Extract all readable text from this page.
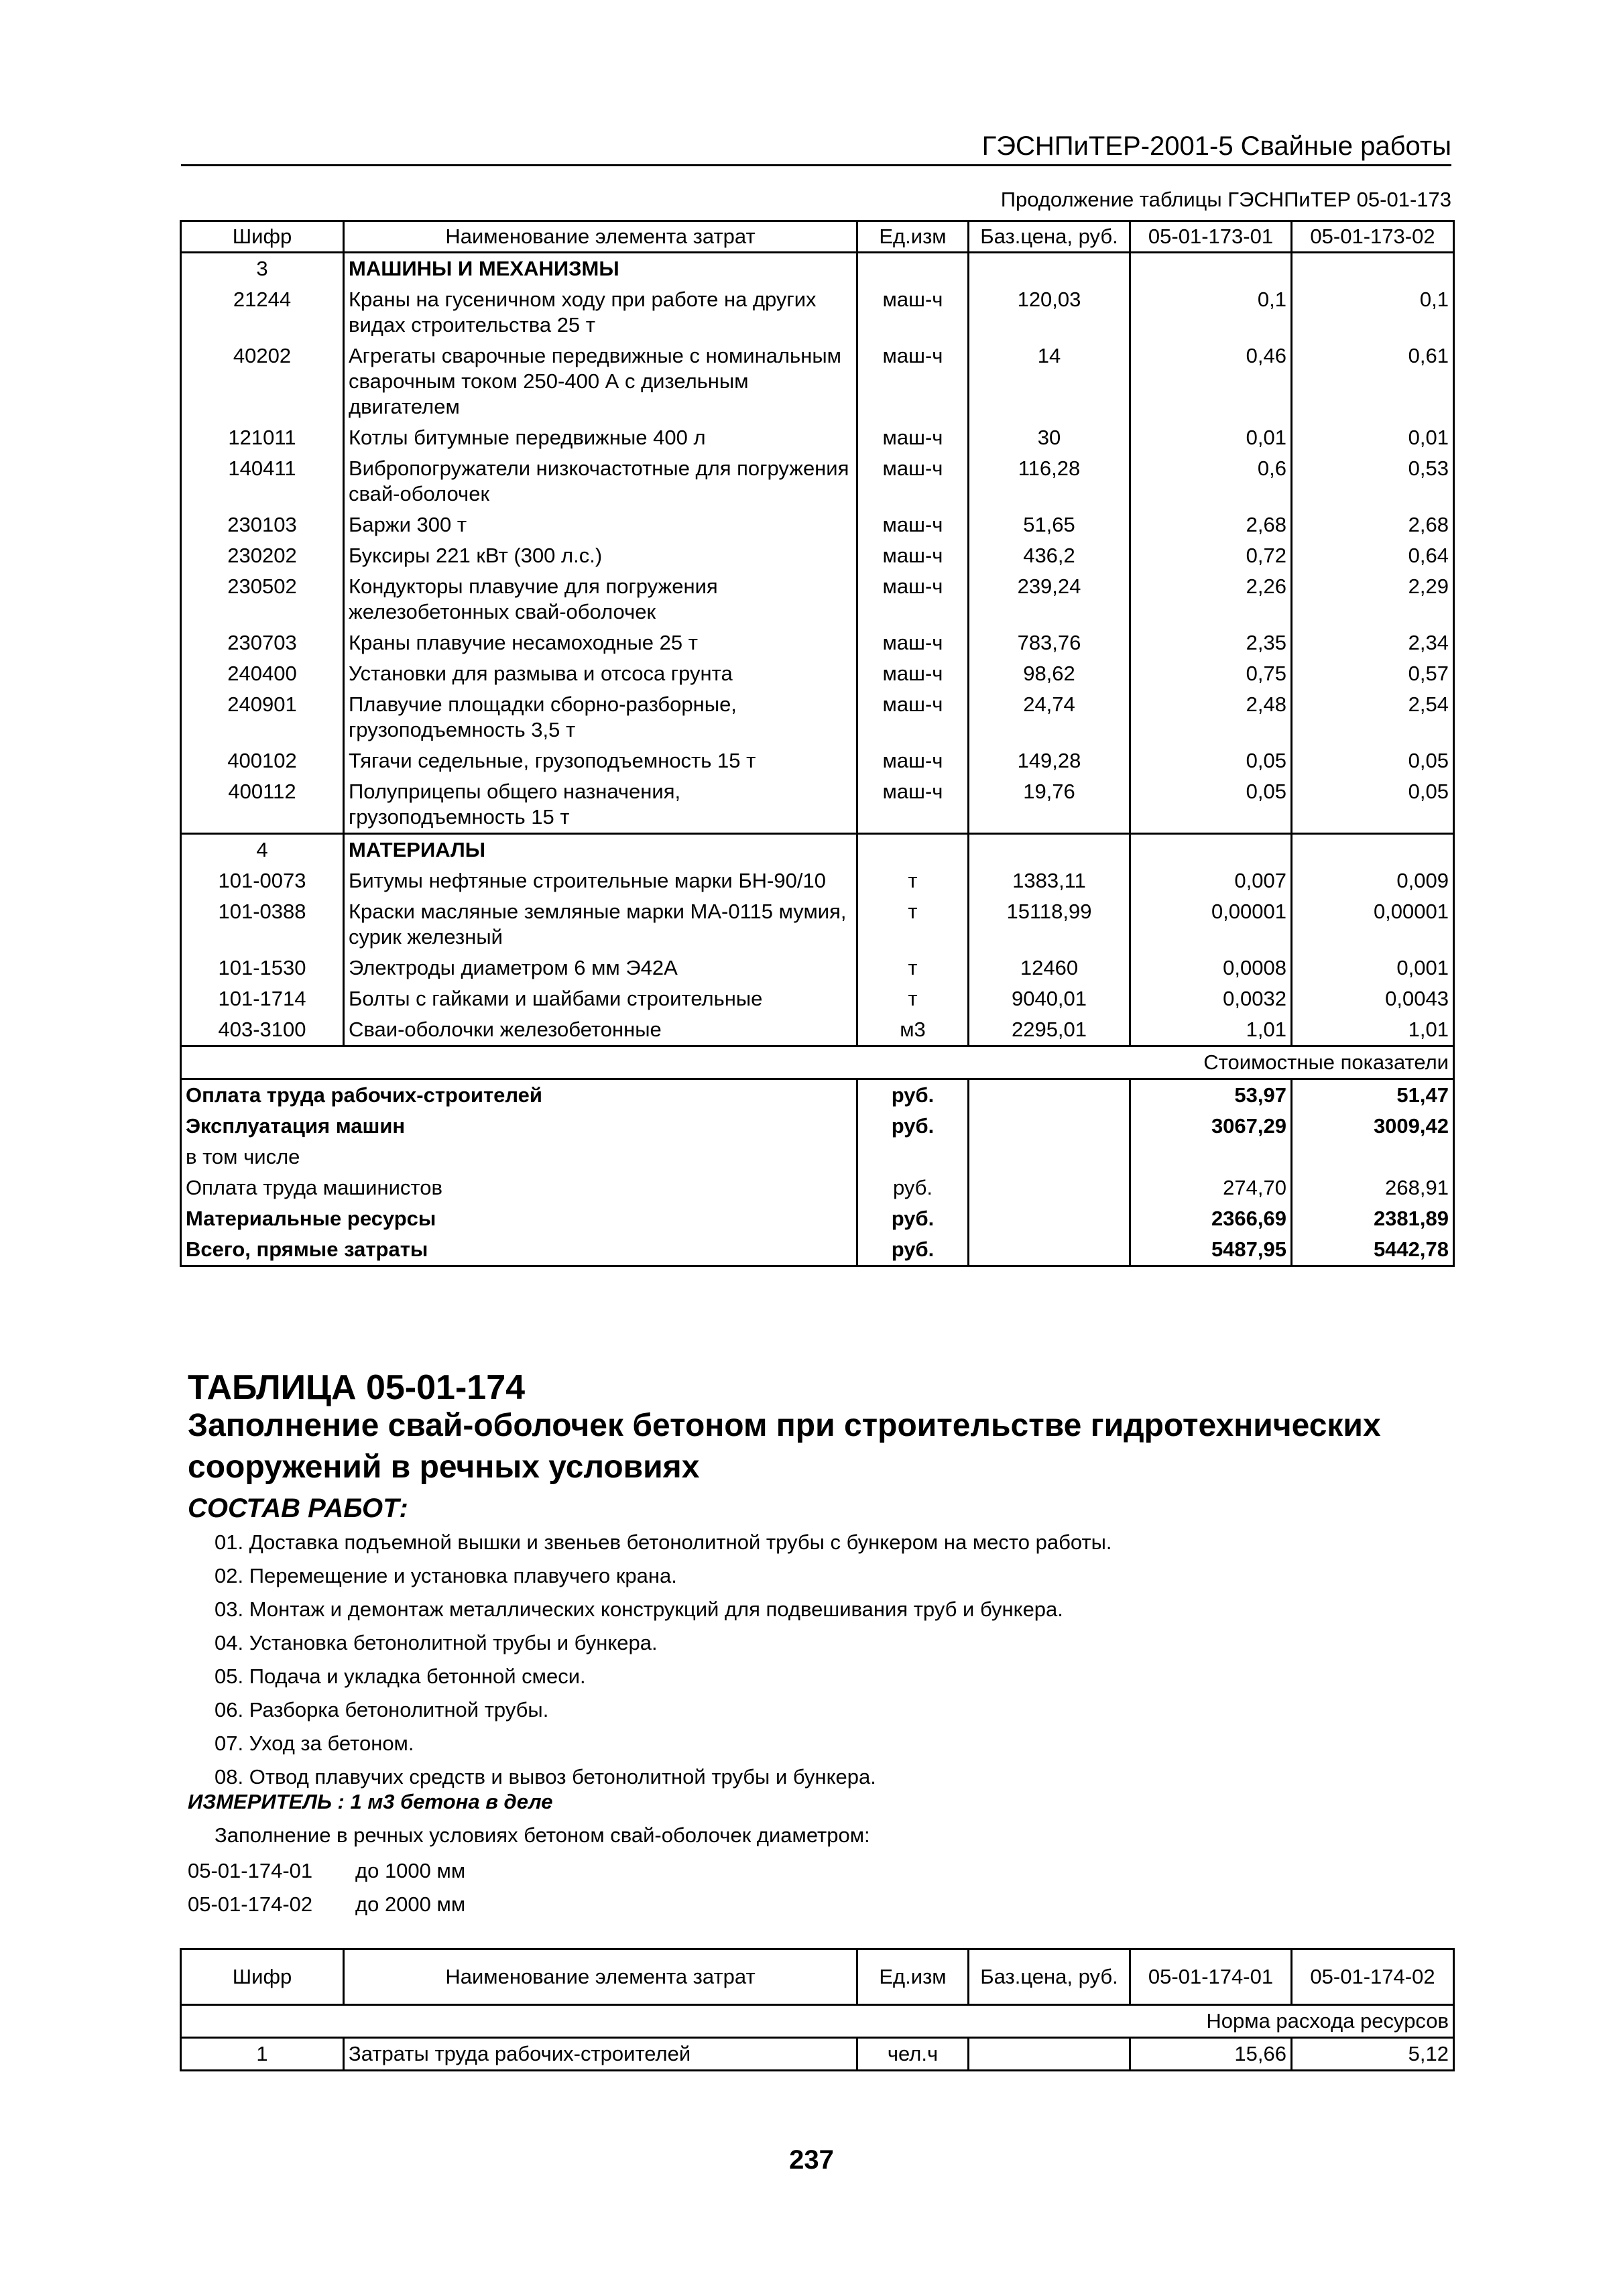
ГЭСНПиТЕР-2001-5 Свайные работы
Продолжение таблицы ГЭСНПиТЕР 05-01-173
Шифр	Наименование элемента затрат	Ед.изм	Баз.цена, руб.	05-01-173-01	05-01-173-02
3	МАШИНЫ И МЕХАНИЗМЫ				
21244	Краны на гусеничном ходу при работе на других видах строительства 25 т	маш-ч	120,03	0,1	0,1
40202	Агрегаты сварочные передвижные с номинальным сварочным током 250-400 А с дизельным двигателем	маш-ч	14	0,46	0,61
121011	Котлы битумные передвижные 400 л	маш-ч	30	0,01	0,01
140411	Вибропогружатели низкочастотные для погружения свай-оболочек	маш-ч	116,28	0,6	0,53
230103	Баржи 300 т	маш-ч	51,65	2,68	2,68
230202	Буксиры 221 кВт (300 л.с.)	маш-ч	436,2	0,72	0,64
230502	Кондукторы плавучие для погружения железобетонных свай-оболочек	маш-ч	239,24	2,26	2,29
230703	Краны плавучие несамоходные 25 т	маш-ч	783,76	2,35	2,34
240400	Установки для размыва и отсоса грунта	маш-ч	98,62	0,75	0,57
240901	Плавучие площадки сборно-разборные, грузоподъемность 3,5 т	маш-ч	24,74	2,48	2,54
400102	Тягачи седельные, грузоподъемность 15 т	маш-ч	149,28	0,05	0,05
400112	Полуприцепы общего назначения, грузоподъемность 15 т	маш-ч	19,76	0,05	0,05
4	МАТЕРИАЛЫ				
101-0073	Битумы нефтяные строительные марки БН-90/10	т	1383,11	0,007	0,009
101-0388	Краски масляные земляные марки МА-0115 мумия, сурик железный	т	15118,99	0,00001	0,00001
101-1530	Электроды диаметром 6 мм Э42А	т	12460	0,0008	0,001
101-1714	Болты с гайками и шайбами строительные	т	9040,01	0,0032	0,0043
403-3100	Сваи-оболочки железобетонные	м3	2295,01	1,01	1,01
Стоимостные показатели					
Оплата труда рабочих-строителей		руб.		53,97	51,47
Эксплуатация машин		руб.		3067,29	3009,42
в том числе					
Оплата труда машинистов		руб.		274,70	268,91
Материальные ресурсы		руб.		2366,69	2381,89
Всего, прямые затраты		руб.		5487,95	5442,78
ТАБЛИЦА 05-01-174
Заполнение свай-оболочек бетоном при строительстве гидротехнических сооружений в речных условиях
СОСТАВ РАБОТ:
01. Доставка подъемной вышки и звеньев бетонолитной трубы с бункером на место работы.
02. Перемещение и установка плавучего крана.
03. Монтаж и демонтаж металлических конструкций для подвешивания труб и бункера.
04. Установка бетонолитной трубы и бункера.
05. Подача и укладка бетонной смеси.
06. Разборка бетонолитной трубы.
07. Уход за бетоном.
08. Отвод плавучих средств и вывоз бетонолитной трубы и бункера.
ИЗМЕРИТЕЛЬ : 1 м3 бетона в деле
Заполнение в речных условиях бетоном свай-оболочек диаметром:
05-01-174-01 до 1000 мм
05-01-174-02 до 2000 мм
Шифр	Наименование элемента затрат	Ед.изм	Баз.цена, руб.	05-01-174-01	05-01-174-02
Норма расхода ресурсов					
1	Затраты труда рабочих-строителей	чел.ч		15,66	5,12
237
